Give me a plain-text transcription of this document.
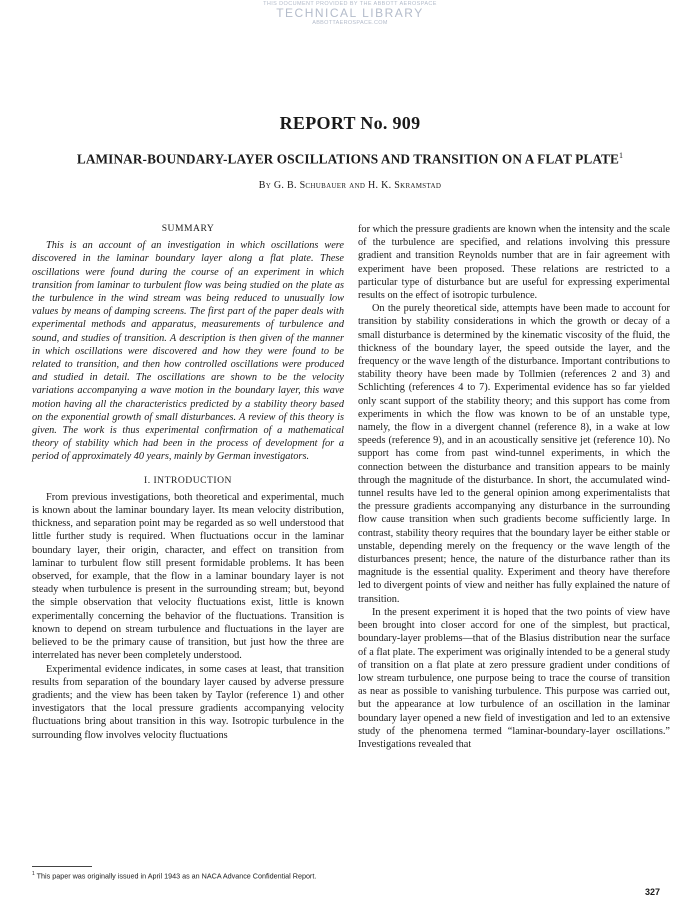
THIS DOCUMENT PROVIDED BY THE ABBOTT AEROSPACE
TECHNICAL LIBRARY
ABBOTTAEROSPACE.COM
REPORT No. 909
LAMINAR-BOUNDARY-LAYER OSCILLATIONS AND TRANSITION ON A FLAT PLATE$^1$
By G. B. Schubauer and H. K. Skramstad
SUMMARY

This is an account of an investigation in which oscillations were discovered in the laminar boundary layer along a flat plate. These oscillations were found during the course of an experiment in which transition from laminar to turbulent flow was being studied on the plate as the turbulence in the wind stream was being reduced to unusually low values by means of damping screens. The first part of the paper deals with experimental methods and apparatus, measurements of turbulence and sound, and studies of transition. A description is then given of the manner in which oscillations were discovered and how they were found to be related to transition, and then how controlled oscillations were produced and studied in detail. The oscillations are shown to be the velocity variations accompanying a wave motion in the boundary layer, this wave motion having all the characteristics predicted by a stability theory based on the exponential growth of small disturbances. A review of this theory is given. The work is thus experimental confirmation of a mathematical theory of stability which had been in the process of development for a period of approximately 40 years, mainly by German investigators.

I. INTRODUCTION

From previous investigations, both theoretical and experimental, much is known about the laminar boundary layer. Its mean velocity distribution, thickness, and separation point may be regarded as so well understood that little further study is required. When fluctuations occur in the laminar boundary layer, their origin, character, and effect on transition from laminar to turbulent flow still present formidable problems. It has been observed, for example, that the flow in a laminar boundary layer is not steady when turbulence is present in the surrounding stream; but, beyond the simple observation that velocity fluctuations exist, little is known experimentally concerning the behavior of the fluctuations. Transition is known to depend on stream turbulence and fluctuations in the layer are believed to be the primary cause of transition, but just how the three are interrelated has never been completely understood.

Experimental evidence indicates, in some cases at least, that transition results from separation of the boundary layer caused by adverse pressure gradients; and the view has been taken by Taylor (reference 1) and other investigators that the local pressure gradients accompanying velocity fluctuations bring about transition in this way. Isotropic turbulence in the surrounding flow involves velocity fluctuations

for which the pressure gradients are known when the intensity and the scale of the turbulence are specified, and relations involving this pressure gradient and transition Reynolds number that are in fair agreement with experiment have been proposed. These relations are restricted to a particular type of disturbance but are useful for expressing experimental results on the effect of isotropic turbulence.

On the purely theoretical side, attempts have been made to account for transition by stability considerations in which the growth or decay of a small disturbance is determined by the kinematic viscosity of the fluid, the thickness of the boundary layer, the speed outside the layer, and the frequency or the wave length of the disturbance. Important contributions to stability theory have been made by Tollmien (references 2 and 3) and Schlichting (references 4 to 7). Experimental evidence has so far yielded only scant support of the stability theory; and this support has come from experiments in which the flow was known to be of an unstable type, namely, the flow in a divergent channel (reference 8), in a wake at low speeds (reference 9), and in an acoustically sensitive jet (reference 10). No support has come from past wind-tunnel experiments, in which the connection between the disturbance and transition appears to be mainly through the magnitude of the disturbance. In short, the accumulated wind-tunnel results have led to the general opinion among experimentalists that the pressure gradients accompanying any disturbance in the surrounding flow cause transition when such gradients become sufficiently large. In contrast, stability theory requires that the boundary layer be either stable or unstable, depending merely on the frequency or the wave length of the disturbances present; hence, the nature of the disturbance rather than its magnitude is the essential quality. Experiment and theory have therefore led to divergent points of view and neither has fully explained the nature of transition.

In the present experiment it is hoped that the two points of view have been brought into closer accord for one of the simplest, but practical, boundary-layer problems—that of the Blasius distribution near the surface of a flat plate. The experiment was originally intended to be a general study of transition on a flat plate at zero pressure gradient under conditions of low stream turbulence, one purpose being to trace the course of transition as near as possible to vanishing turbulence. This purpose was carried out, but the appearance at low turbulence of an oscillation in the laminar boundary layer opened a new field of investigation and led to an extensive study of the phenomena termed “laminar-boundary-layer oscillations.” Investigations revealed that

$^1$ This paper was originally issued in April 1943 as an NACA Advance Confidential Report.
327
